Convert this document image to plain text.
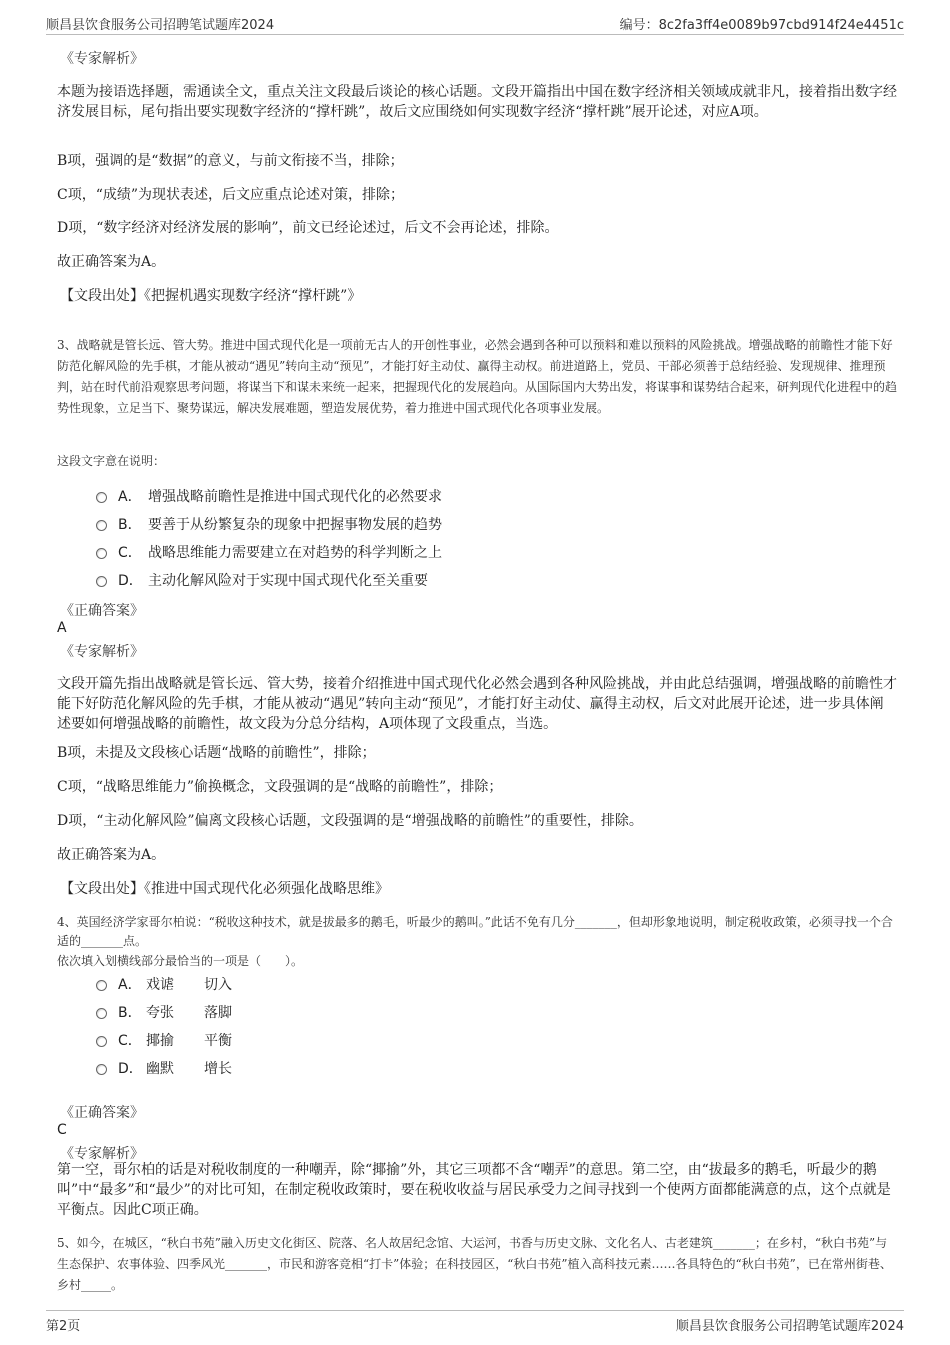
顺昌县饮食服务公司招聘笔试题库2024	编号：8c2fa3ff4e0089b97cbd914f24e4451c
《专家解析》
本题为接语选择题，需通读全文，重点关注文段最后谈论的核心话题。文段开篇指出中国在数字经济相关领域成就非凡，接着指出数字经济发展目标，尾句指出要实现数字经济的“撑杆跳”，故后文应围绕如何实现数字经济“撑杆跳”展开论述，对应A项。
B项，强调的是“数据”的意义，与前文衔接不当，排除；
C项，“成绩”为现状表述，后文应重点论述对策，排除；
D项，“数字经济对经济发展的影响”，前文已经论述过，后文不会再论述，排除。
故正确答案为A。
【文段出处】《把握机遇实现数字经济“撑杆跳”》
3、战略就是管长远、管大势。推进中国式现代化是一项前无古人的开创性事业，必然会遇到各种可以预料和难以预料的风险挑战。增强战略的前瞻性才能下好防范化解风险的先手棋，才能从被动“遇见”转向主动“预见”，才能打好主动仗、赢得主动权。前进道路上，党员、干部必须善于总结经验、发现规律、推理预判，站在时代前沿观察思考问题，将谋当下和谋未来统一起来，把握现代化的发展趋向。从国际国内大势出发，将谋事和谋势结合起来，研判现代化进程中的趋势性现象，立足当下、聚势谋远，解决发展难题，塑造发展优势，着力推进中国式现代化各项事业发展。
这段文字意在说明：
A． 增强战略前瞻性是推进中国式现代化的必然要求
B． 要善于从纷繁复杂的现象中把握事物发展的趋势
C． 战略思维能力需要建立在对趋势的科学判断之上
D． 主动化解风险对于实现中国式现代化至关重要
《正确答案》
A
《专家解析》
文段开篇先指出战略就是管长远、管大势，接着介绍推进中国式现代化必然会遇到各种风险挑战，并由此总结强调，增强战略的前瞻性才能下好防范化解风险的先手棋，才能从被动“遇见”转向主动“预见”，才能打好主动仗、赢得主动权，后文对此展开论述，进一步具体阐述要如何增强战略的前瞻性，故文段为分总分结构，A项体现了文段重点，当选。
B项，未提及文段核心话题“战略的前瞻性”，排除；
C项，“战略思维能力”偷换概念，文段强调的是“战略的前瞻性”，排除；
D项，“主动化解风险”偏离文段核心话题，文段强调的是“增强战略的前瞻性”的重要性，排除。
故正确答案为A。
【文段出处】《推进中国式现代化必须强化战略思维》
4、英国经济学家哥尔柏说：“税收这种技术，就是拔最多的鹅毛，听最少的鹅叫。”此话不免有几分_______，但却形象地说明，制定税收政策，必须寻找一个合适的_______点。
依次填入划横线部分最恰当的一项是（　　）。
A． 戏谑 切入
B． 夸张 落脚
C． 揶揄 平衡
D． 幽默 增长
《正确答案》
C
《专家解析》
第一空，哥尔柏的话是对税收制度的一种嘲弄，除“揶揄”外，其它三项都不含“嘲弄”的意思。第二空，由“拔最多的鹅毛，听最少的鹅叫”中“最多”和“最少”的对比可知，在制定税收政策时，要在税收收益与居民承受力之间寻找到一个使两方面都能满意的点，这个点就是平衡点。因此C项正确。
5、如今，在城区，“秋白书苑”融入历史文化街区、院落、名人故居纪念馆、大运河，书香与历史文脉、文化名人、古老建筑_______；在乡村，“秋白书苑”与生态保护、农事体验、四季风光_______，市民和游客竞相“打卡”体验；在科技园区，“秋白书苑”植入高科技元素……各具特色的“秋白书苑”，已在常州街巷、乡村_____。
第2页	顺昌县饮食服务公司招聘笔试题库2024
